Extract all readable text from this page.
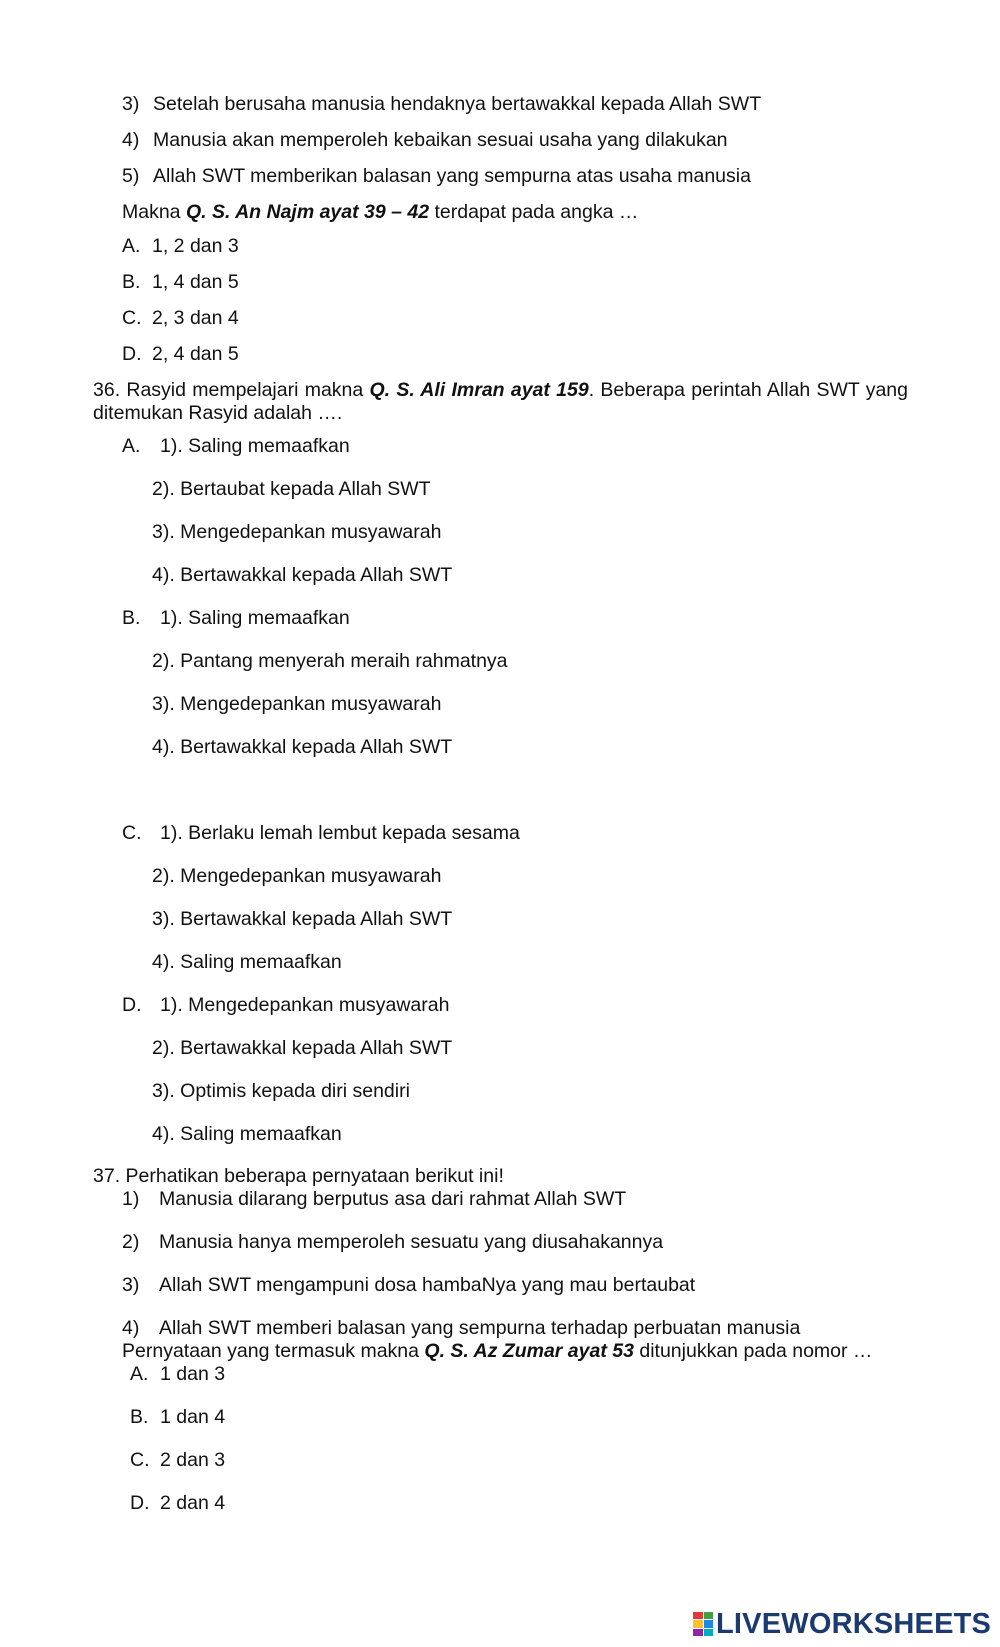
3) Setelah berusaha manusia hendaknya bertawakkal kepada Allah SWT
4) Manusia akan memperoleh kebaikan sesuai usaha yang dilakukan
5) Allah SWT memberikan balasan yang sempurna atas usaha manusia
Makna Q. S. An Najm ayat 39 – 42 terdapat pada angka …
A. 1, 2 dan 3
B. 1, 4 dan 5
C. 2, 3 dan 4
D. 2, 4 dan 5
36. Rasyid mempelajari makna Q. S. Ali Imran ayat 159. Beberapa perintah Allah SWT yang
ditemukan Rasyid adalah ….
A. 1). Saling memaafkan
2). Bertaubat kepada Allah SWT
3). Mengedepankan musyawarah
4). Bertawakkal kepada Allah SWT
B. 1). Saling memaafkan
2). Pantang menyerah meraih rahmatnya
3). Mengedepankan musyawarah
4). Bertawakkal kepada Allah SWT
C. 1). Berlaku lemah lembut kepada sesama
2). Mengedepankan musyawarah
3). Bertawakkal kepada Allah SWT
4). Saling memaafkan
D. 1). Mengedepankan musyawarah
2). Bertawakkal kepada Allah SWT
3). Optimis kepada diri sendiri
4). Saling memaafkan
37. Perhatikan beberapa pernyataan berikut ini!
1) Manusia dilarang berputus asa dari rahmat Allah SWT
2) Manusia hanya memperoleh sesuatu yang diusahakannya
3) Allah SWT mengampuni dosa hambaNya yang mau bertaubat
4) Allah SWT memberi balasan yang sempurna terhadap perbuatan manusia
Pernyataan yang termasuk makna Q. S. Az Zumar ayat 53 ditunjukkan pada nomor …
A. 1 dan 3
B. 1 dan 4
C. 2 dan 3
D. 2 dan 4
LIVEWORKSHEETS
